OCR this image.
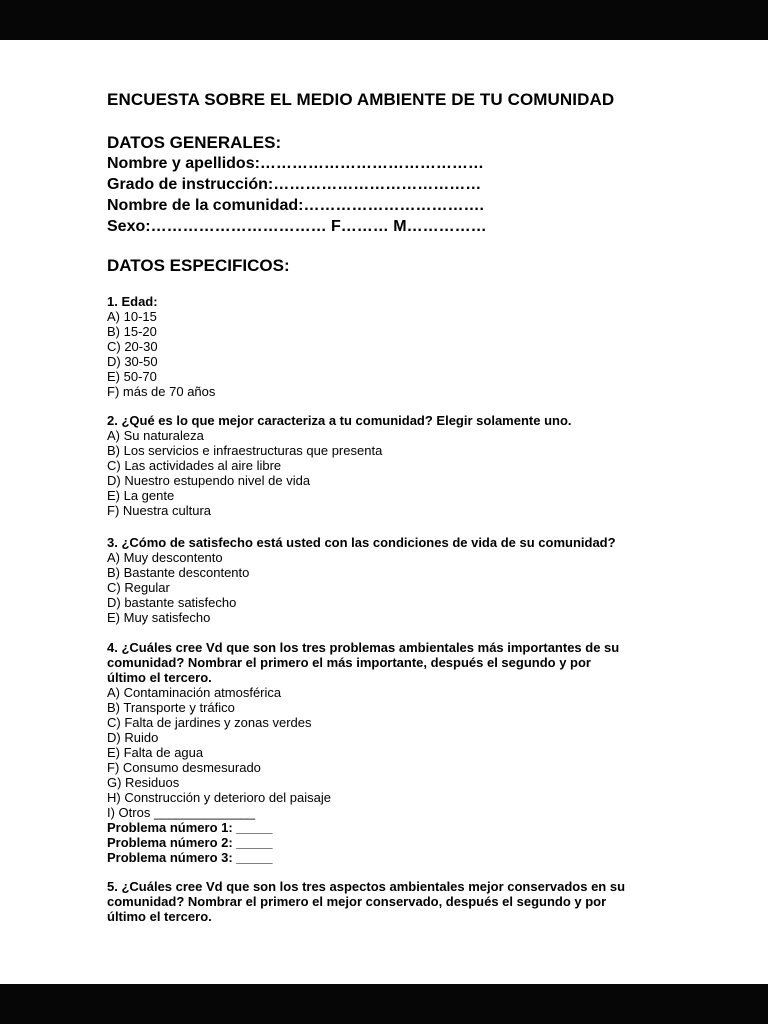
ENCUESTA SOBRE EL MEDIO AMBIENTE DE TU COMUNIDAD
DATOS GENERALES:
Nombre y apellidos:……………………………………
Grado de instrucción:…………………………………
Nombre de la comunidad:…………………………….
Sexo:…………………………… F……… M……………
DATOS ESPECIFICOS:
1. Edad:
A) 10-15
B) 15-20
C) 20-30
D) 30-50
E) 50-70
F) más de 70 años
2. ¿Qué es lo que mejor caracteriza a tu comunidad? Elegir solamente uno.
A) Su naturaleza
B) Los servicios e infraestructuras que presenta
C) Las actividades al aire libre
D) Nuestro estupendo nivel de vida
E) La gente
F) Nuestra cultura
3. ¿Cómo de satisfecho está usted con las condiciones de vida de su comunidad?
A) Muy descontento
B) Bastante descontento
C) Regular
D) bastante satisfecho
E) Muy satisfecho
4. ¿Cuáles cree Vd que son los tres problemas ambientales más importantes de su
comunidad? Nombrar el primero el más importante, después el segundo y por
último el tercero.
A) Contaminación atmosférica
B) Transporte y tráfico
C) Falta de jardines y zonas verdes
D) Ruido
E) Falta de agua
F) Consumo desmesurado
G) Residuos
H) Construcción y deterioro del paisaje
I) Otros ______________
Problema número 1: _____
Problema número 2: _____
Problema número 3: _____
5. ¿Cuáles cree Vd que son los tres aspectos ambientales mejor conservados en su
comunidad? Nombrar el primero el mejor conservado, después el segundo y por
último el tercero.
